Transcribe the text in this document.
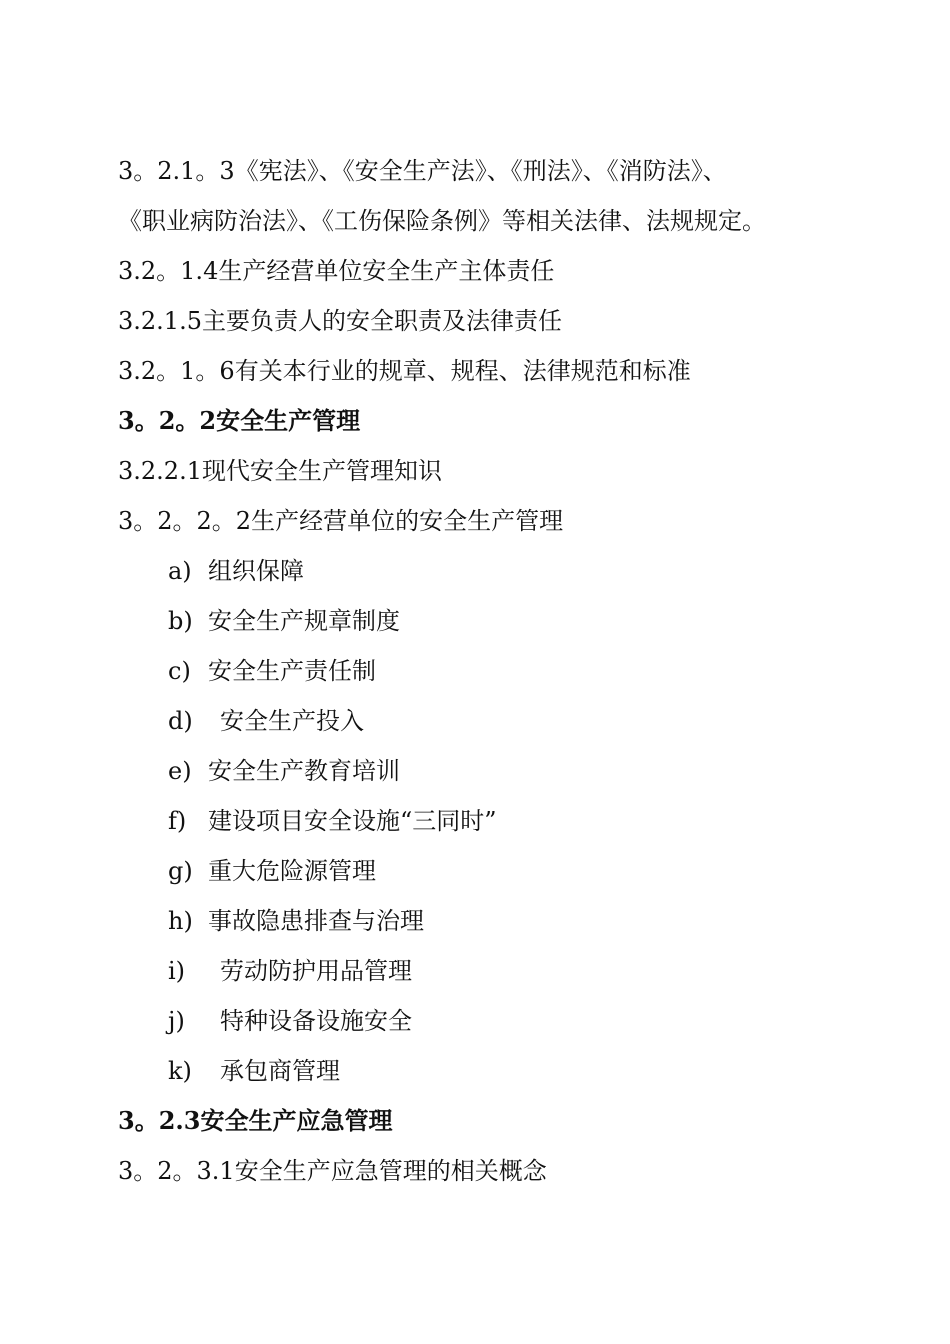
3。2.1。3《宪法》、《安全生产法》、《刑法》、《消防法》、
《职业病防治法》、《工伤保险条例》等相关法律、法规规定。
3.2。1.4生产经营单位安全生产主体责任
3.2.1.5主要负责人的安全职责及法律责任
3.2。1。6有关本行业的规章、规程、法律规范和标准
3。2。2安全生产管理
3.2.2.1现代安全生产管理知识
3。2。2。2生产经营单位的安全生产管理
a) 组织保障
b) 安全生产规章制度
c) 安全生产责任制
d) 安全生产投入
e) 安全生产教育培训
f) 建设项目安全设施“三同时”
g) 重大危险源管理
h) 事故隐患排查与治理
i) 劳动防护用品管理
j) 特种设备设施安全
k) 承包商管理
3。2.3安全生产应急管理
3。2。3.1安全生产应急管理的相关概念
